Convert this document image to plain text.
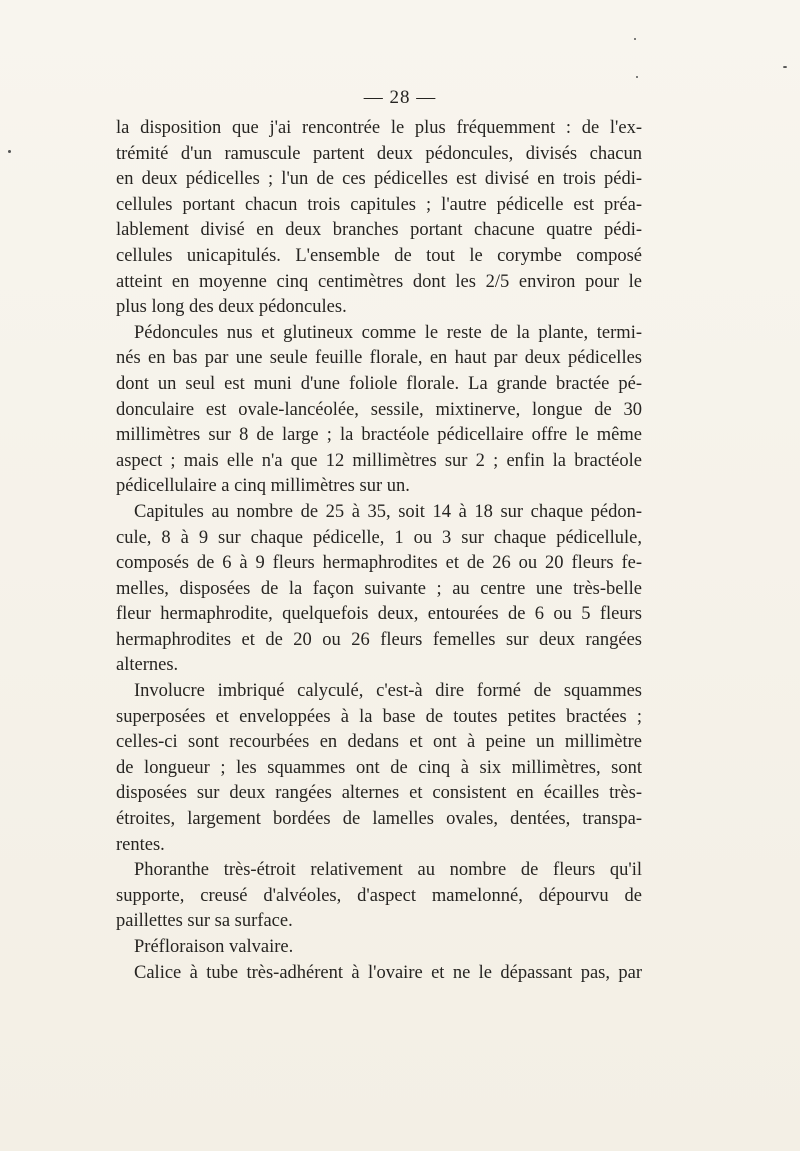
— 28 —
la disposition que j'ai rencontrée le plus fréquemment : de l'ex-
trémité d'un ramuscule partent deux pédoncules, divisés chacun
en deux pédicelles ; l'un de ces pédicelles est divisé en trois pédi-
cellules portant chacun trois capitules ; l'autre pédicelle est préa-
lablement divisé en deux branches portant chacune quatre pédi-
cellules unicapitulés. L'ensemble de tout le corymbe composé
atteint en moyenne cinq centimètres dont les 2/5 environ pour le
plus long des deux pédoncules.
Pédoncules nus et glutineux comme le reste de la plante, termi-
nés en bas par une seule feuille florale, en haut par deux pédicelles
dont un seul est muni d'une foliole florale. La grande bractée pé-
donculaire est ovale-lancéolée, sessile, mixtinerve, longue de 30
millimètres sur 8 de large ; la bractéole pédicellaire offre le même
aspect ; mais elle n'a que 12 millimètres sur 2 ; enfin la bractéole
pédicellulaire a cinq millimètres sur un.
Capitules au nombre de 25 à 35, soit 14 à 18 sur chaque pédon-
cule, 8 à 9 sur chaque pédicelle, 1 ou 3 sur chaque pédicellule,
composés de 6 à 9 fleurs hermaphrodites et de 26 ou 20 fleurs fe-
melles, disposées de la façon suivante ; au centre une très-belle
fleur hermaphrodite, quelquefois deux, entourées de 6 ou 5 fleurs
hermaphrodites et de 20 ou 26 fleurs femelles sur deux rangées
alternes.
Involucre imbriqué calyculé, c'est-à dire formé de squammes
superposées et enveloppées à la base de toutes petites bractées ;
celles-ci sont recourbées en dedans et ont à peine un millimètre
de longueur ; les squammes ont de cinq à six millimètres, sont
disposées sur deux rangées alternes et consistent en écailles très-
étroites, largement bordées de lamelles ovales, dentées, transpa-
rentes.
Phoranthe très-étroit relativement au nombre de fleurs qu'il
supporte, creusé d'alvéoles, d'aspect mamelonné, dépourvu de
paillettes sur sa surface.
Préfloraison valvaire.
Calice à tube très-adhérent à l'ovaire et ne le dépassant pas, par
